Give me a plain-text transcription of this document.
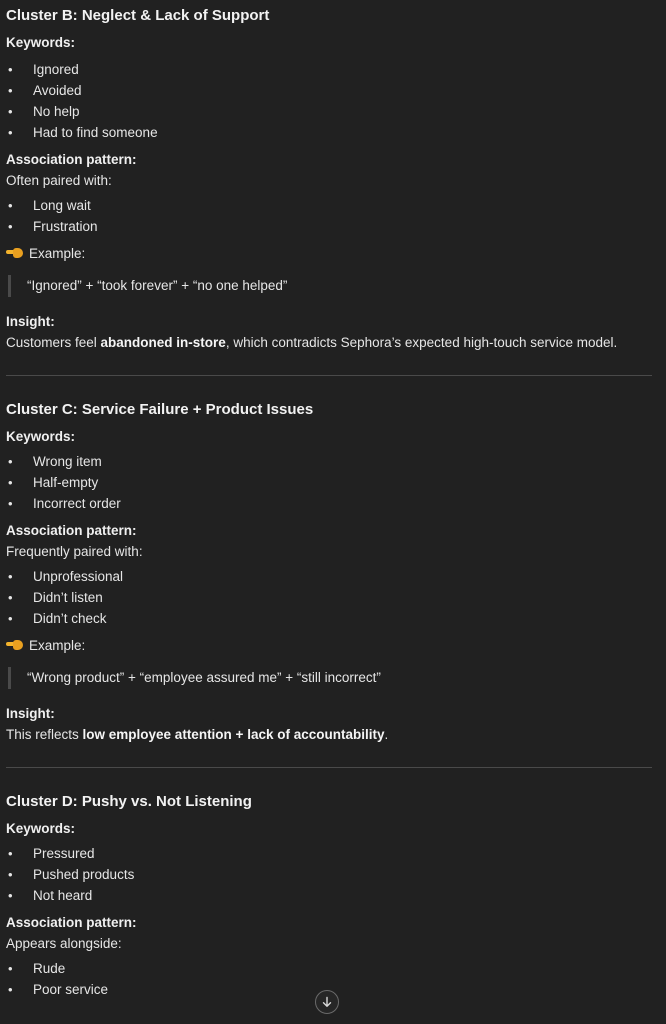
Cluster B: Neglect & Lack of Support
Keywords:
• Ignored
• Avoided
• No help
• Had to find someone
Association pattern:
Often paired with:
• Long wait
• Frustration
Example:
“Ignored” + “took forever” + “no one helped”
Insight:

Customers feel abandoned in-store, which contradicts Sephora’s expected high-touch service model.

Cluster C: Service Failure + Product Issues
Keywords:
• Wrong item
• Half-empty
• Incorrect order
Association pattern:
Frequently paired with:
• Unprofessional
• Didn’t listen
• Didn’t check
Example:
“Wrong product” + “employee assured me” + “still incorrect”
Insight:

This reflects low employee attention + lack of accountability.

Cluster D: Pushy vs. Not Listening
Keywords:
• Pressured
• Pushed products
• Not heard
Association pattern:
Appears alongside:
• Rude
• Poor service
